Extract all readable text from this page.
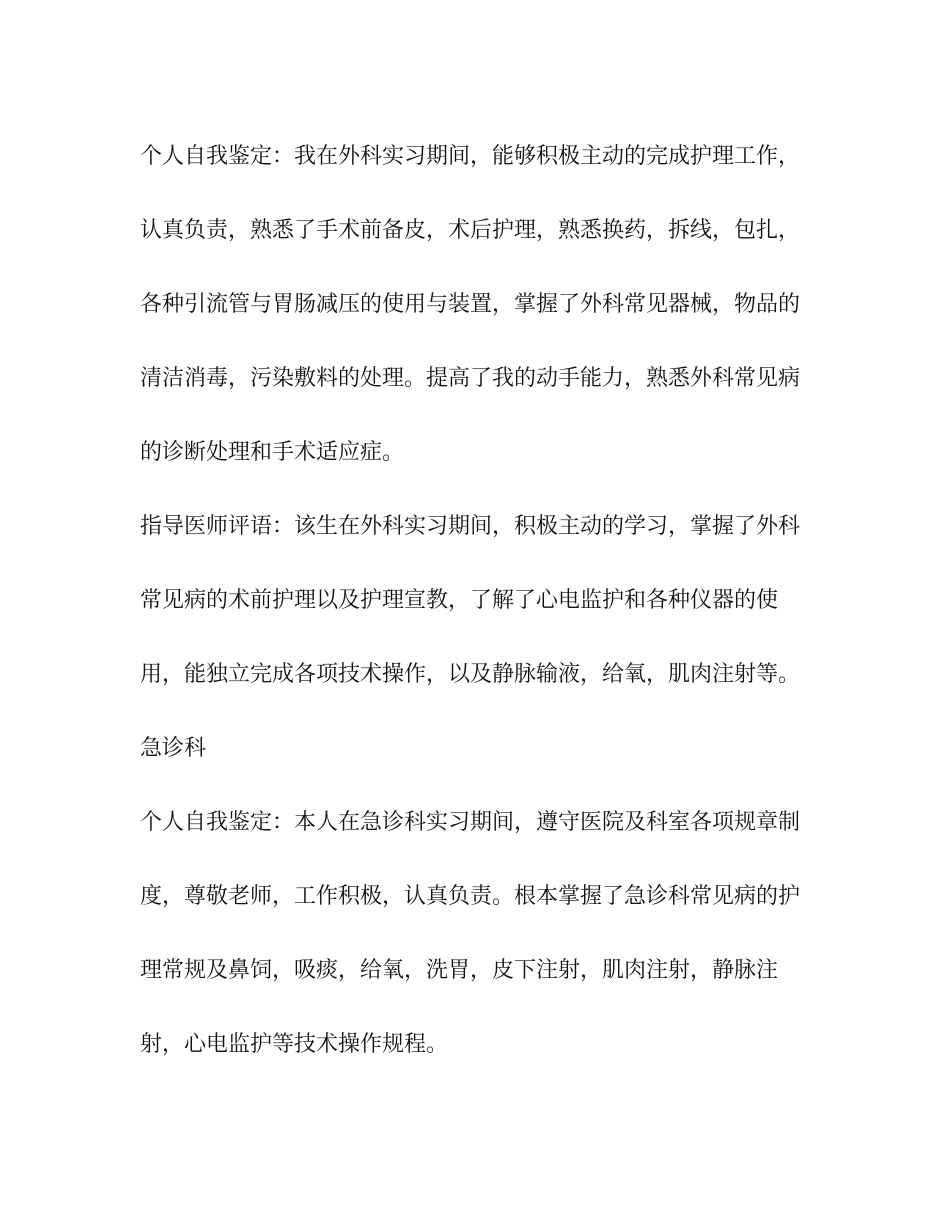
个人自我鉴定：我在外科实习期间，能够积极主动的完成护理工作，
认真负责，熟悉了手术前备皮，术后护理，熟悉换药，拆线，包扎，
各种引流管与胃肠减压的使用与装置，掌握了外科常见器械，物品的
清洁消毒，污染敷料的处理。提高了我的动手能力，熟悉外科常见病
的诊断处理和手术适应症。
指导医师评语：该生在外科实习期间，积极主动的学习，掌握了外科
常见病的术前护理以及护理宣教，了解了心电监护和各种仪器的使
用，能独立完成各项技术操作，以及静脉输液，给氧，肌肉注射等。
急诊科
个人自我鉴定：本人在急诊科实习期间，遵守医院及科室各项规章制
度，尊敬老师，工作积极，认真负责。根本掌握了急诊科常见病的护
理常规及鼻饲，吸痰，给氧，洗胃，皮下注射，肌肉注射，静脉注
射，心电监护等技术操作规程。
